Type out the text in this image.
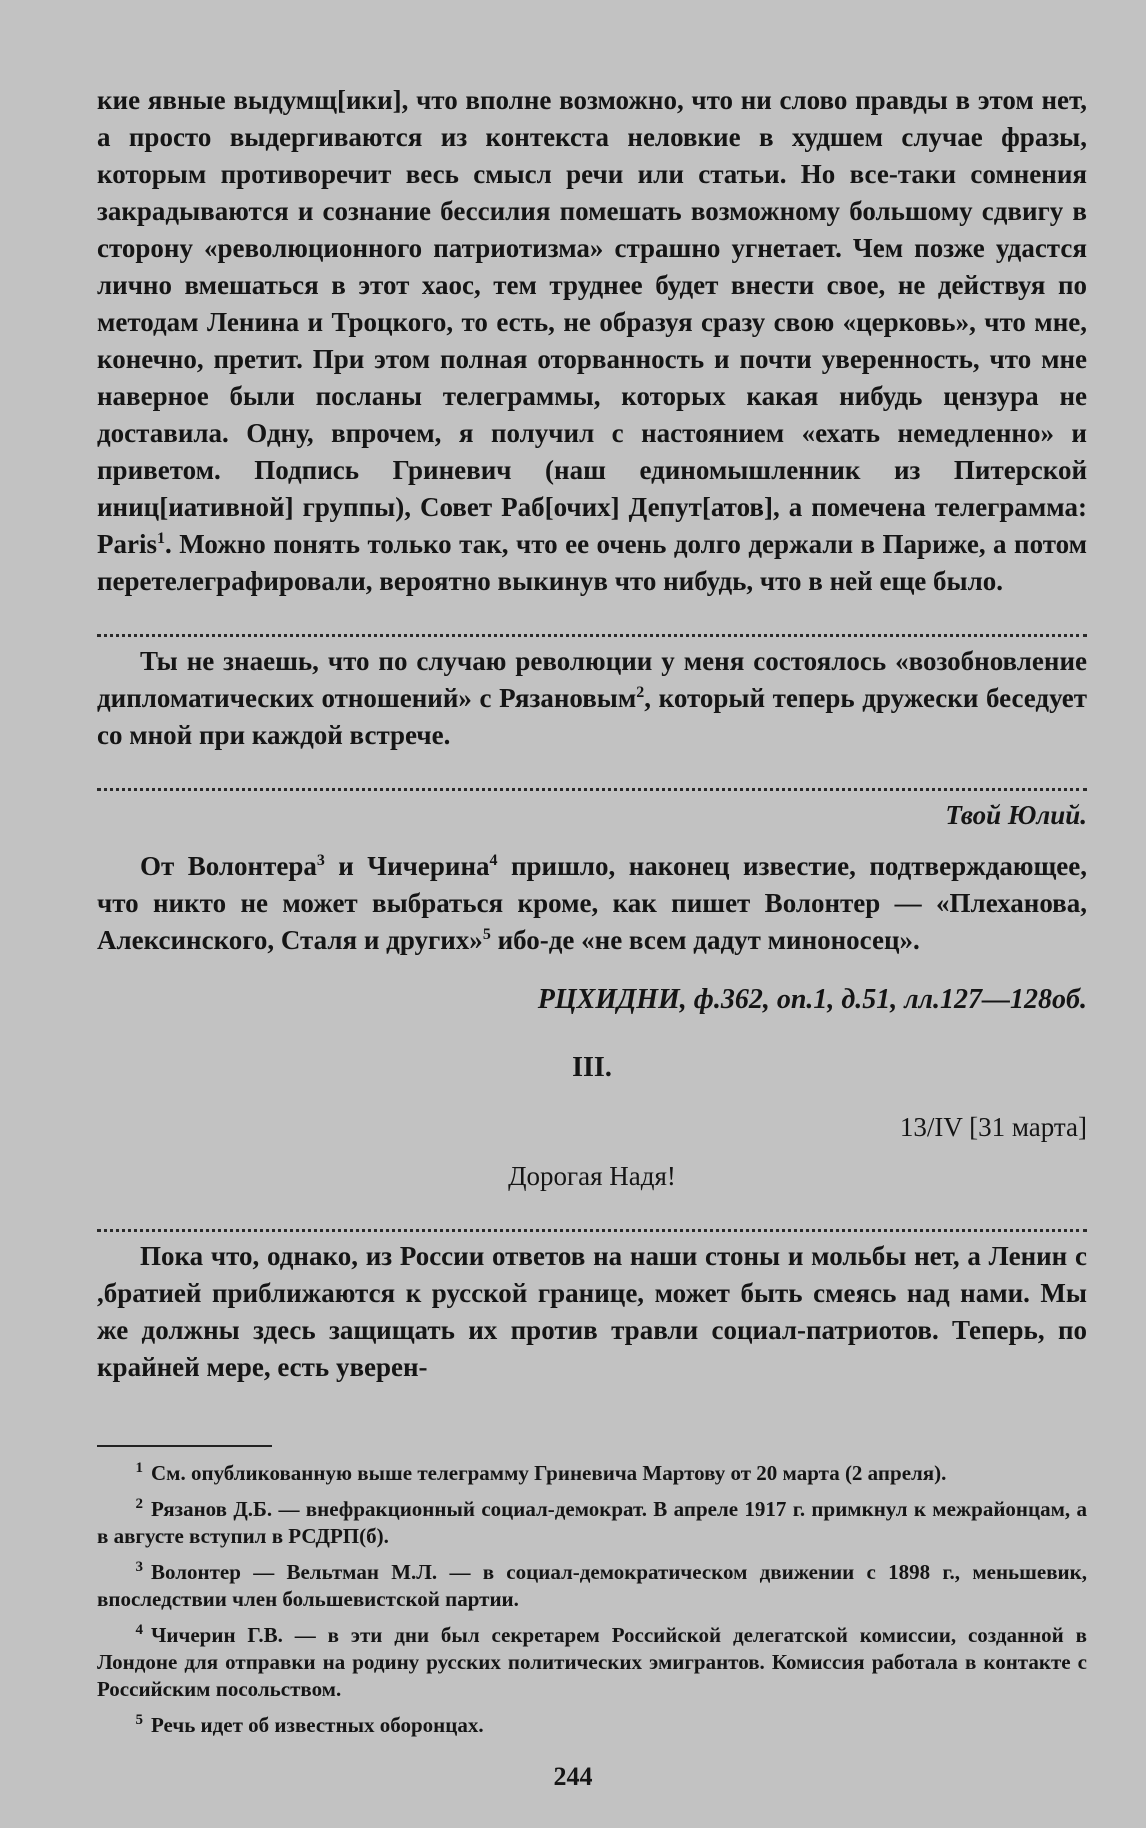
кие явные выдумщ[ики], что вполне возможно, что ни слово правды в этом нет, а просто выдергиваются из контекста неловкие в худшем случае фразы, которым противоречит весь смысл речи или статьи. Но все-таки сомнения закрадываются и сознание бессилия помешать возможному большому сдвигу в сторону «революционного патриотизма» страшно угнетает. Чем позже удастся лично вмешаться в этот хаос, тем труднее будет внести свое, не действуя по методам Ленина и Троцкого, то есть, не образуя сразу свою «церковь», что мне, конечно, претит. При этом полная оторванность и почти уверенность, что мне наверное были посланы телеграммы, которых какая нибудь цензура не доставила. Одну, впрочем, я получил с настоянием «ехать немедленно» и приветом. Подпись Гриневич (наш единомышленник из Питерской иниц[иативной] группы), Совет Раб[очих] Депут[атов], а помечена телеграмма: Paris$^1$. Можно понять только так, что ее очень долго держали в Париже, а потом перетелеграфировали, вероятно выкинув что нибудь, что в ней еще было.

Ты не знаешь, что по случаю революции у меня состоялось «возобновление дипломатических отношений» с Рязановым$^2$, который теперь дружески беседует со мной при каждой встрече.

Твой Юлий.

От Волонтера$^3$ и Чичерина$^4$ пришло, наконец известие, подтверждающее, что никто не может выбраться кроме, как пишет Волонтер — «Плеханова, Алексинского, Сталя и других»$^5$ ибо-де «не всем дадут миноносец».

РЦХИДНИ, ф.362, оп.1, д.51, лл.127—128об.
III.
13/IV [31 марта]
Дорогая Надя!

Пока что, однако, из России ответов на наши стоны и мольбы нет, а Ленин с ,братией приближаются к русской границе, может быть смеясь над нами. Мы же должны здесь защищать их против травли социал-патриотов. Теперь, по крайней мере, есть уверен-

$^1$ См. опубликованную выше телеграмму Гриневича Мартову от 20 марта (2 апреля).

$^2$ Рязанов Д.Б. — внефракционный социал-демократ. В апреле 1917 г. примкнул к межрайонцам, а в августе вступил в РСДРП(б).

$^3$ Волонтер — Вельтман М.Л. — в социал-демократическом движении с 1898 г., меньшевик, впоследствии член большевистской партии.

$^4$ Чичерин Г.В. — в эти дни был секретарем Российской делегатской комиссии, созданной в Лондоне для отправки на родину русских политических эмигрантов. Комиссия работала в контакте с Российским посольством.

$^5$ Речь идет об известных оборонцах.

244
